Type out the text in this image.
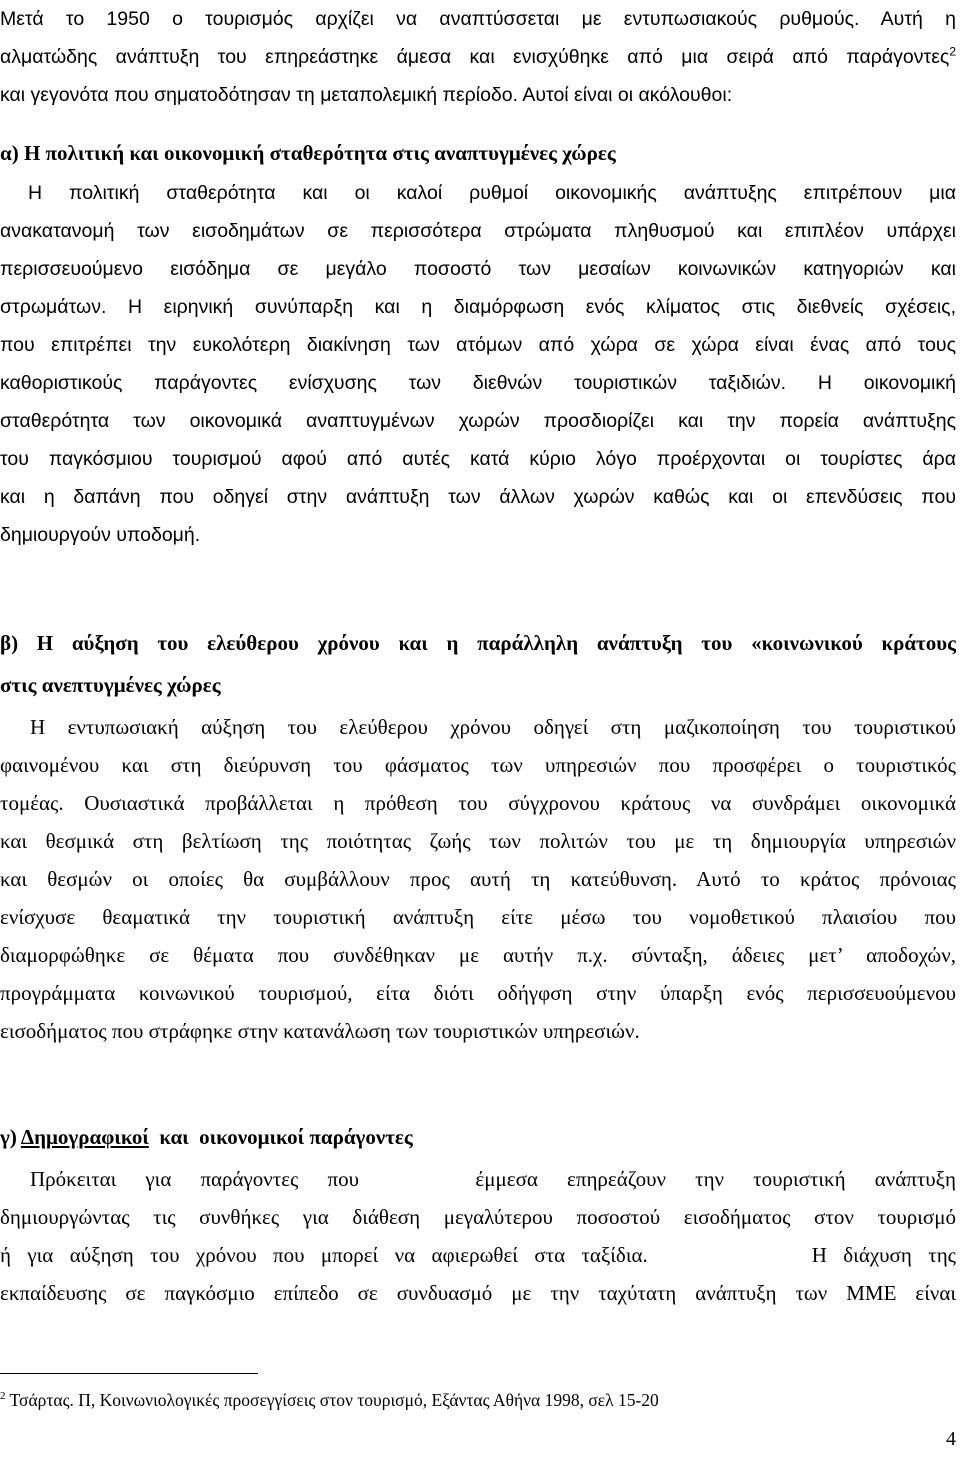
Μετά το 1950 ο τουρισμός αρχίζει να αναπτύσσεται με εντυπωσιακούς ρυθμούς. Αυτή η
αλματώδης ανάπτυξη του επηρεάστηκε άμεσα και ενισχύθηκε από μια σειρά από παράγοντες$^2$
και γεγονότα που σηματοδότησαν τη μεταπολεμική περίοδο. Αυτοί είναι οι ακόλουθοι:
α) Η πολιτική και οικονομική σταθερότητα στις αναπτυγμένες χώρες
Η πολιτική σταθερότητα και οι καλοί ρυθμοί οικονομικής ανάπτυξης επιτρέπουν μια
ανακατανομή των εισοδημάτων σε περισσότερα στρώματα πληθυσμού και επιπλέον υπάρχει
περισσευούμενο εισόδημα σε μεγάλο ποσοστό των μεσαίων κοινωνικών κατηγοριών και
στρωμάτων. Η ειρηνική συνύπαρξη και η διαμόρφωση ενός κλίματος στις διεθνείς σχέσεις,
που επιτρέπει την ευκολότερη διακίνηση των ατόμων από χώρα σε χώρα είναι ένας από τους
καθοριστικούς παράγοντες ενίσχυσης των διεθνών τουριστικών ταξιδιών. Η οικονομική
σταθερότητα των οικονομικά αναπτυγμένων χωρών προσδιορίζει και την πορεία ανάπτυξης
του παγκόσμιου τουρισμού αφού από αυτές κατά κύριο λόγο προέρχονται οι τουρίστες άρα
και η δαπάνη που οδηγεί στην ανάπτυξη των άλλων χωρών καθώς και οι επενδύσεις που
δημιουργούν υποδομή.
β) Η αύξηση του ελεύθερου χρόνου και η παράλληλη ανάπτυξη του «κοινωνικού κράτους
στις ανεπτυγμένες χώρες
Η εντυπωσιακή αύξηση του ελεύθερου χρόνου οδηγεί στη μαζικοποίηση του τουριστικού
φαινομένου και στη διεύρυνση του φάσματος των υπηρεσιών που προσφέρει ο τουριστικός
τομέας. Ουσιαστικά προβάλλεται η πρόθεση του σύγχρονου κράτους να συνδράμει οικονομικά
και θεσμικά στη βελτίωση της ποιότητας ζωής των πολιτών του με τη δημιουργία υπηρεσιών
και θεσμών οι οποίες θα συμβάλλουν προς αυτή τη κατεύθυνση. Αυτό το κράτος πρόνοιας
ενίσχυσε θεαματικά την τουριστική ανάπτυξη είτε μέσω του νομοθετικού πλαισίου που
διαμορφώθηκε σε θέματα που συνδέθηκαν με αυτήν π.χ. σύνταξη, άδειες μετ’ αποδοχών,
προγράμματα κοινωνικού τουρισμού, είτα διότι οδήγφση στην ύπαρξη ενός περισσευούμενου
εισοδήματος που στράφηκε στην κατανάλωση των τουριστικών υπηρεσιών.
γ) Δημογραφικοί  και  οικονομικοί παράγοντες
Πρόκειται για παράγοντες που    έμμεσα επηρεάζουν την τουριστική ανάπτυξη
δημιουργώντας τις συνθήκες για διάθεση μεγαλύτερου ποσοστού εισοδήματος στον τουρισμό
ή για αύξηση του χρόνου που μπορεί να αφιερωθεί στα ταξίδια.          Η διάχυση της
εκπαίδευσης σε παγκόσμιο επίπεδο σε συνδυασμό με την ταχύτατη ανάπτυξη των ΜΜΕ είναι
$^2$ Τσάρτας. Π, Κοινωνιολογικές προσεγγίσεις στον τουρισμό, Εξάντας Αθήνα 1998, σελ 15-20
4
